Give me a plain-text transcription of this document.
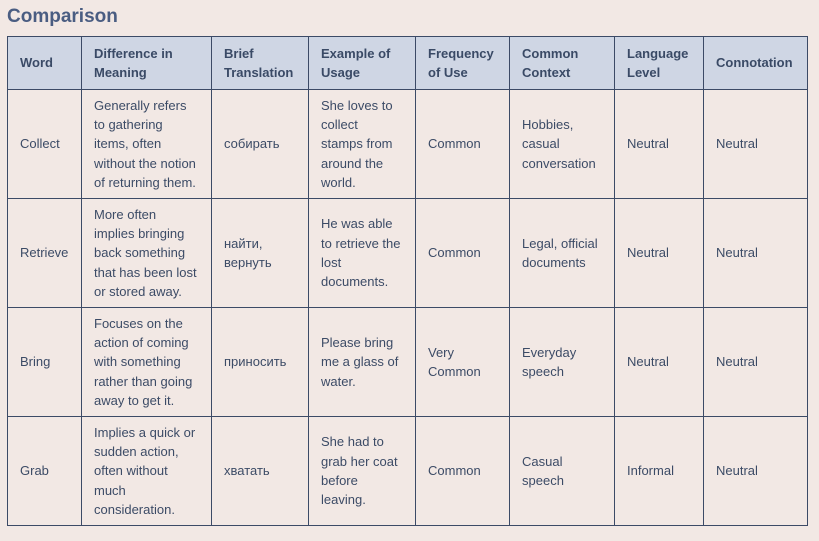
Comparison
Word	Difference in Meaning	Brief Translation	Example of Usage	Frequency of Use	Common Context	Language Level	Connotation
Collect	Generally refers to gathering items, often without the notion of returning them.	собирать	She loves to collect stamps from around the world.	Common	Hobbies, casual conversation	Neutral	Neutral
Retrieve	More often implies bringing back something that has been lost or stored away.	найти, вернуть	He was able to retrieve the lost documents.	Common	Legal, official documents	Neutral	Neutral
Bring	Focuses on the action of coming with something rather than going away to get it.	приносить	Please bring me a glass of water.	Very Common	Everyday speech	Neutral	Neutral
Grab	Implies a quick or sudden action, often without much consideration.	хватать	She had to grab her coat before leaving.	Common	Casual speech	Informal	Neutral
